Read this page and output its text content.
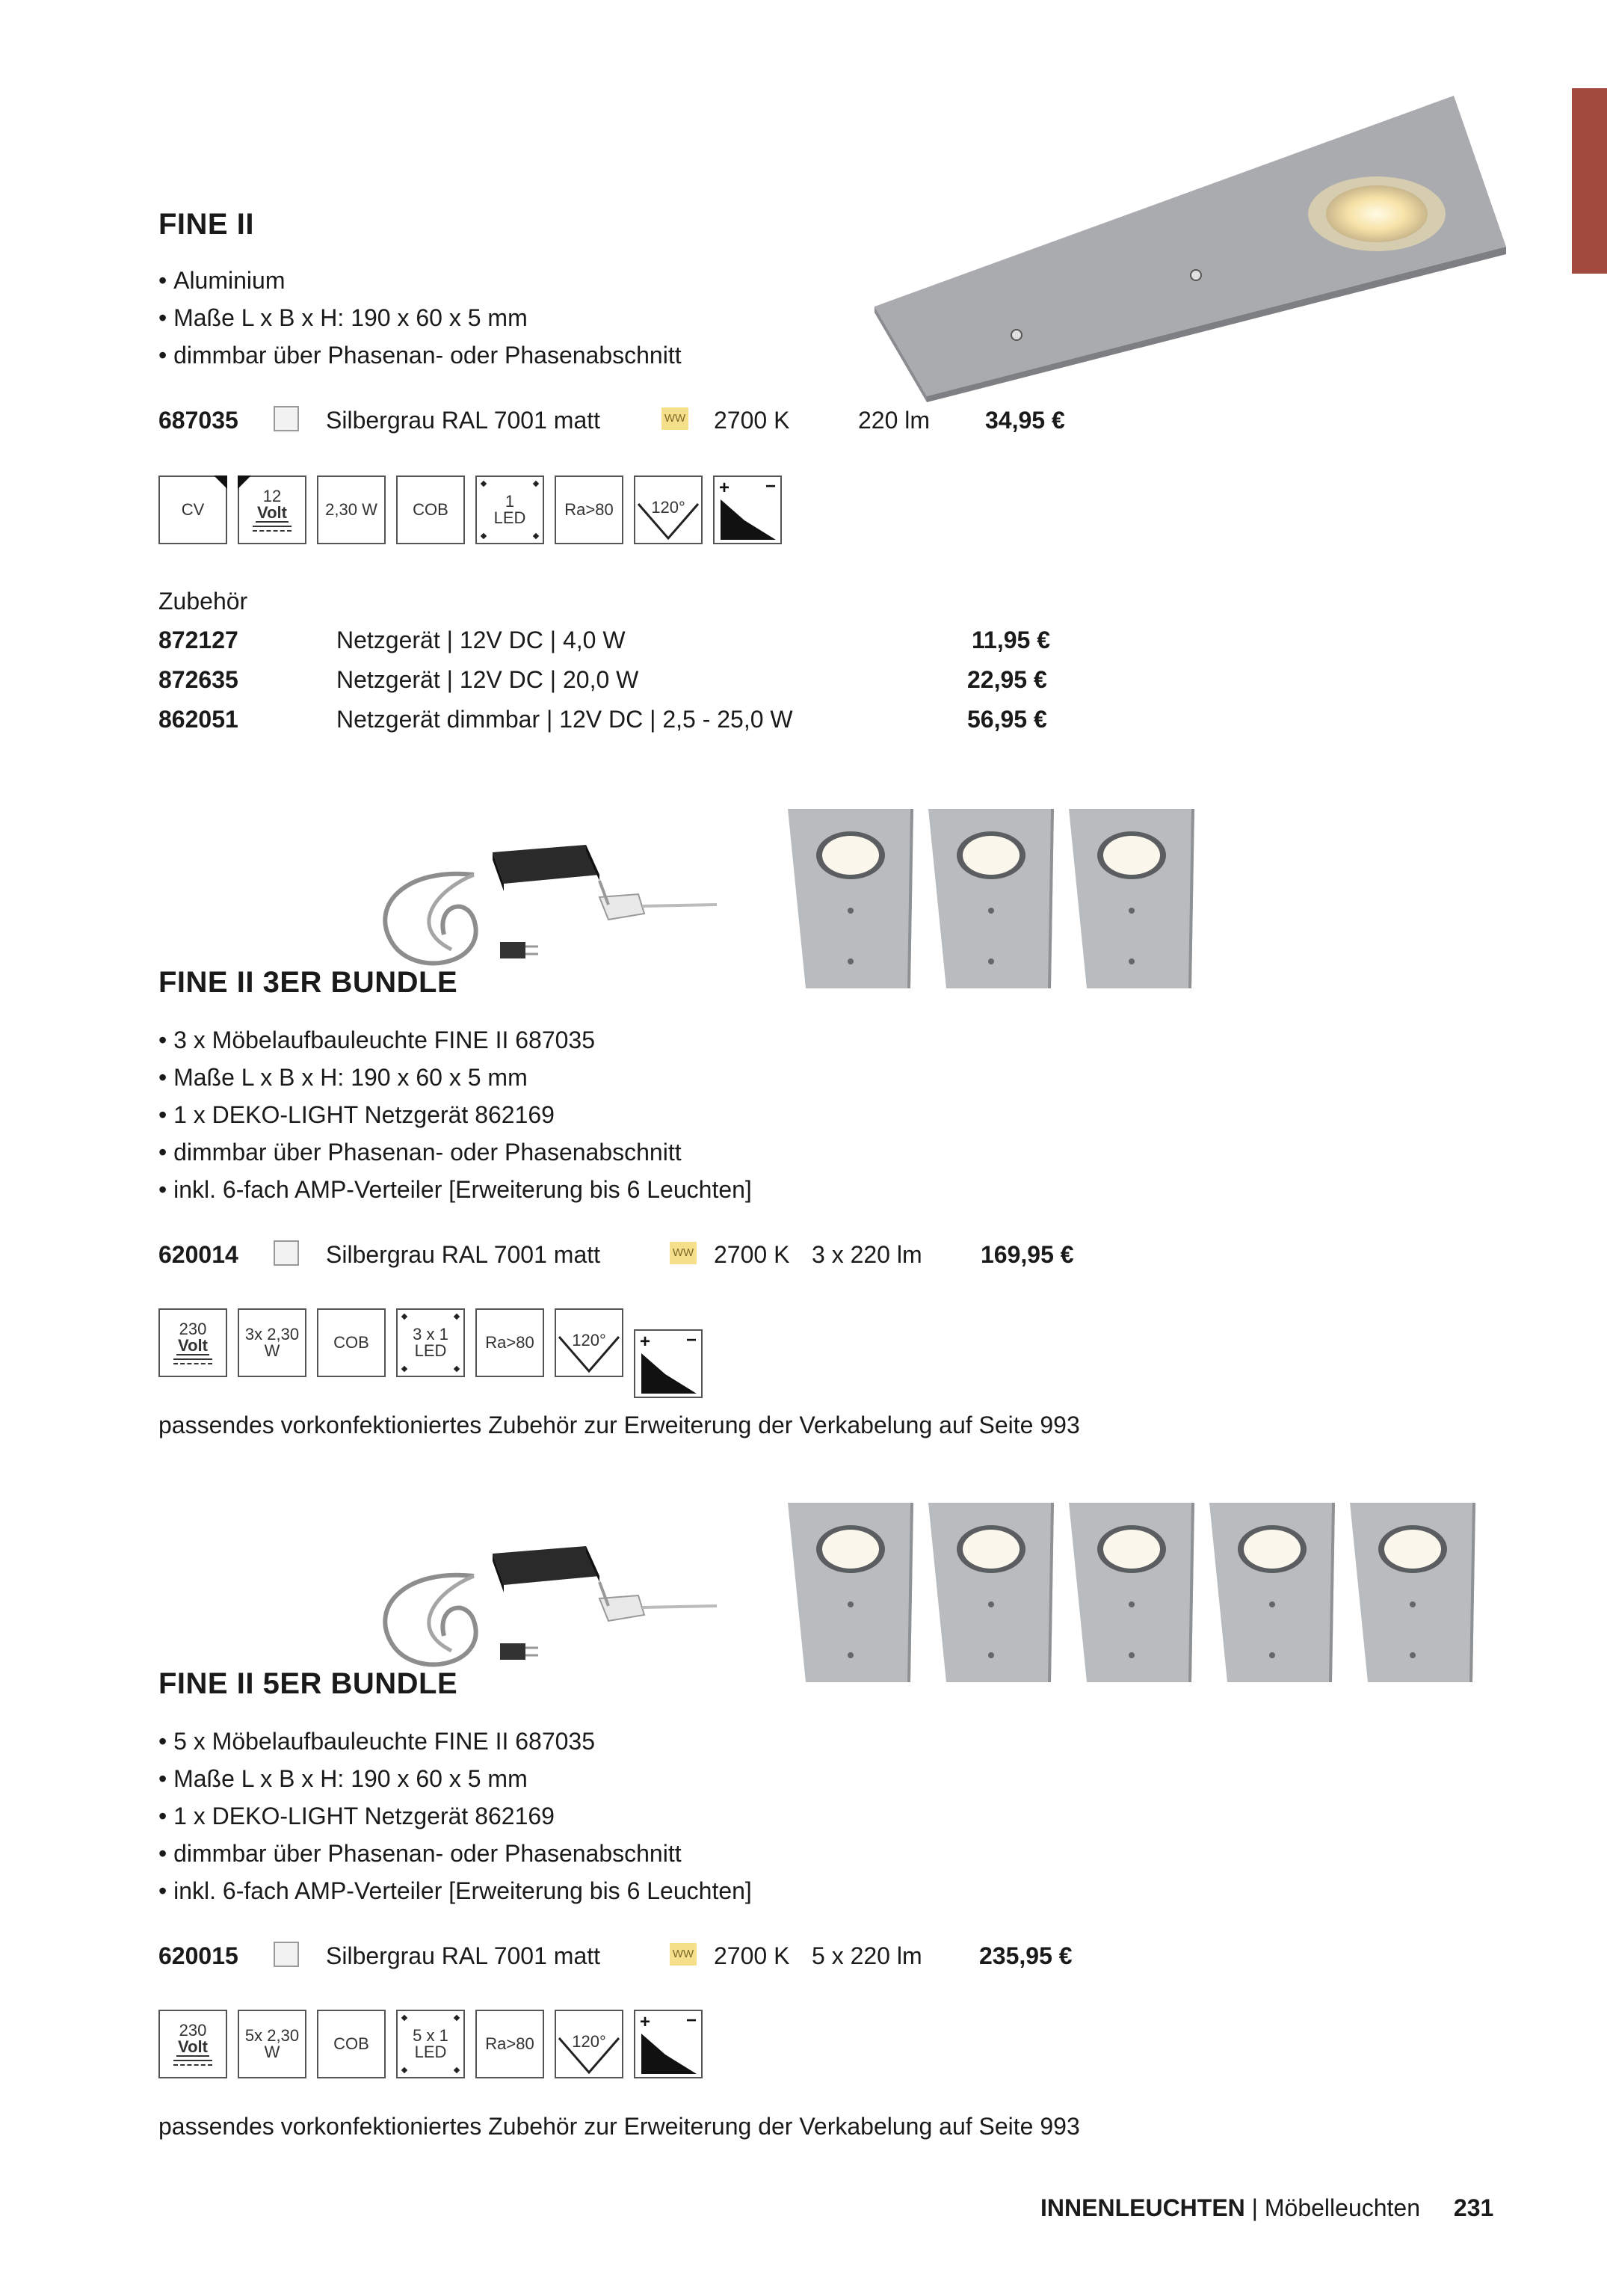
FINE II
• Aluminium
• Maße L x B x H: 190 x 60 x 5 mm
• dimmbar über Phasenan- oder Phasenabschnitt
687035	Silbergrau RAL 7001 matt	WW 2700 K	220 lm 34,95 €
CV
12
Volt 2,30 W COB	1
LED Ra>80 120°
+ −
Zubehör
872127	Netzgerät | 12V DC | 4,0 W	11,95 €
872635	Netzgerät | 12V DC | 20,0 W	22,95 €
862051	Netzgerät dimmbar | 12V DC | 2,5 - 25,0 W	56,95 €
FINE II 3ER BUNDLE
• 3 x Möbelaufbauleuchte FINE II 687035
• Maße L x B x H: 190 x 60 x 5 mm
• 1 x DEKO-LIGHT Netzgerät 862169
• dimmbar über Phasenan- oder Phasenabschnitt
• inkl. 6-fach AMP-Verteiler [Erweiterung bis 6 Leuchten]
620014	Silbergrau RAL 7001 matt	WW 2700 K 3 x 220 lm 169,95 €
230
Volt
3x 2,30
W	COB	3 x 1
LED Ra>80 120° + −
passendes vorkonfektioniertes Zubehör zur Erweiterung der Verkabelung auf Seite 993
FINE II 5ER BUNDLE
• 5 x Möbelaufbauleuchte FINE II 687035
• Maße L x B x H: 190 x 60 x 5 mm
• 1 x DEKO-LIGHT Netzgerät 862169
• dimmbar über Phasenan- oder Phasenabschnitt
• inkl. 6-fach AMP-Verteiler [Erweiterung bis 6 Leuchten]
620015	Silbergrau RAL 7001 matt	WW 2700 K 5 x 220 lm 235,95 €
230
Volt
5x 2,30
W	COB	5 x 1
LED Ra>80 120°
+ −
passendes vorkonfektioniertes Zubehör zur Erweiterung der Verkabelung auf Seite 993
INNENLEUCHTEN | Möbelleuchten 231
